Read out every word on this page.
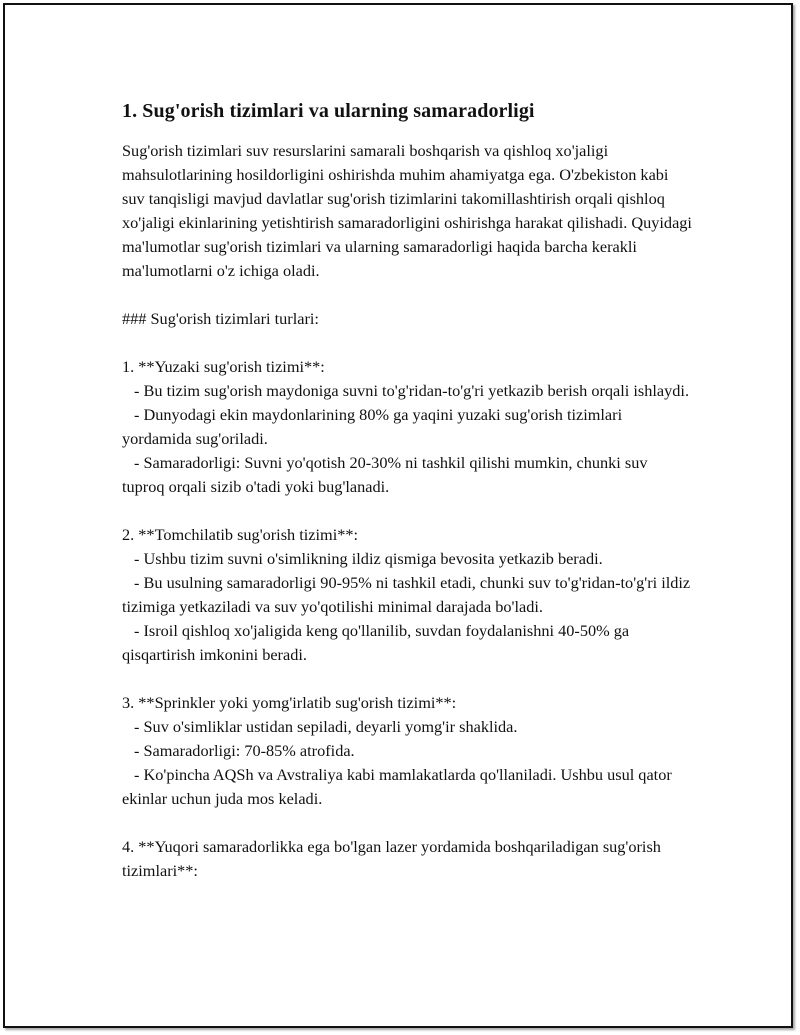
1. Sug'orish tizimlari va ularning samaradorligi

Sug'orish tizimlari suv resurslarini samarali boshqarish va qishloq xo'jaligi mahsulotlarining hosildorligini oshirishda muhim ahamiyatga ega. O'zbekiston kabi suv tanqisligi mavjud davlatlar sug'orish tizimlarini takomillashtirish orqali qishloq xo'jaligi ekinlarining yetishtirish samaradorligini oshirishga harakat qilishadi. Quyidagi ma'lumotlar sug'orish tizimlari va ularning samaradorligi haqida barcha kerakli ma'lumotlarni o'z ichiga oladi.

### Sug'orish tizimlari turlari:

1. **Yuzaki sug'orish tizimi**:

- Bu tizim sug'orish maydoniga suvni to'g'ridan-to'g'ri yetkazib berish orqali ishlaydi.

- Dunyodagi ekin maydonlarining 80% ga yaqini yuzaki sug'orish tizimlari yordamida sug'oriladi.

- Samaradorligi: Suvni yo'qotish 20-30% ni tashkil qilishi mumkin, chunki suv tuproq orqali sizib o'tadi yoki bug'lanadi.

2. **Tomchilatib sug'orish tizimi**:

- Ushbu tizim suvni o'simlikning ildiz qismiga bevosita yetkazib beradi.

- Bu usulning samaradorligi 90-95% ni tashkil etadi, chunki suv to'g'ridan-to'g'ri ildiz tizimiga yetkaziladi va suv yo'qotilishi minimal darajada bo'ladi.

- Isroil qishloq xo'jaligida keng qo'llanilib, suvdan foydalanishni 40-50% ga qisqartirish imkonini beradi.

3. **Sprinkler yoki yomg'irlatib sug'orish tizimi**:

- Suv o'simliklar ustidan sepiladi, deyarli yomg'ir shaklida.

- Samaradorligi: 70-85% atrofida.

- Ko'pincha AQSh va Avstraliya kabi mamlakatlarda qo'llaniladi. Ushbu usul qator ekinlar uchun juda mos keladi.

4. **Yuqori samaradorlikka ega bo'lgan lazer yordamida boshqariladigan sug'orish tizimlari**:
